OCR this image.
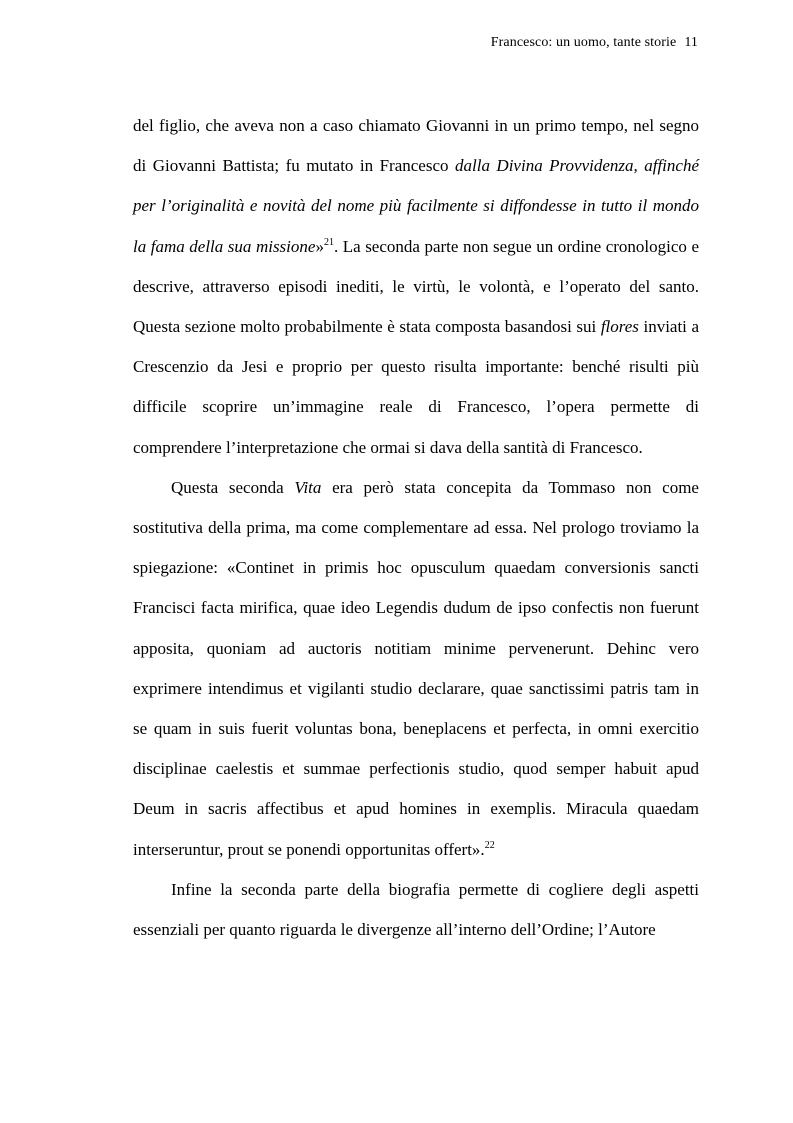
Francesco: un uomo, tante storie 11

del figlio, che aveva non a caso chiamato Giovanni in un primo tempo, nel segno di Giovanni Battista; fu mutato in Francesco dalla Divina Provvidenza, affinché per l’originalità e novità del nome più facilmente si diffondesse in tutto il mondo la fama della sua missione»$^{21}$. La seconda parte non segue un ordine cronologico e descrive, attraverso episodi inediti, le virtù, le volontà, e l’operato del santo. Questa sezione molto probabilmente è stata composta basandosi sui flores inviati a Crescenzio da Jesi e proprio per questo risulta importante: benché risulti più difficile scoprire un’immagine reale di Francesco, l’opera permette di comprendere l’interpretazione che ormai si dava della santità di Francesco.

Questa seconda Vita era però stata concepita da Tommaso non come sostitutiva della prima, ma come complementare ad essa. Nel prologo troviamo la spiegazione: «Continet in primis hoc opusculum quaedam conversionis sancti Francisci facta mirifica, quae ideo Legendis dudum de ipso confectis non fuerunt apposita, quoniam ad auctoris notitiam minime pervenerunt. Dehinc vero exprimere intendimus et vigilanti studio declarare, quae sanctissimi patris tam in se quam in suis fuerit voluntas bona, beneplacens et perfecta, in omni exercitio disciplinae caelestis et summae perfectionis studio, quod semper habuit apud Deum in sacris affectibus et apud homines in exemplis. Miracula quaedam interseruntur, prout se ponendi opportunitas offert».$^{22}$

Infine la seconda parte della biografia permette di cogliere degli aspetti essenziali per quanto riguarda le divergenze all’interno dell’Ordine; l’Autore
